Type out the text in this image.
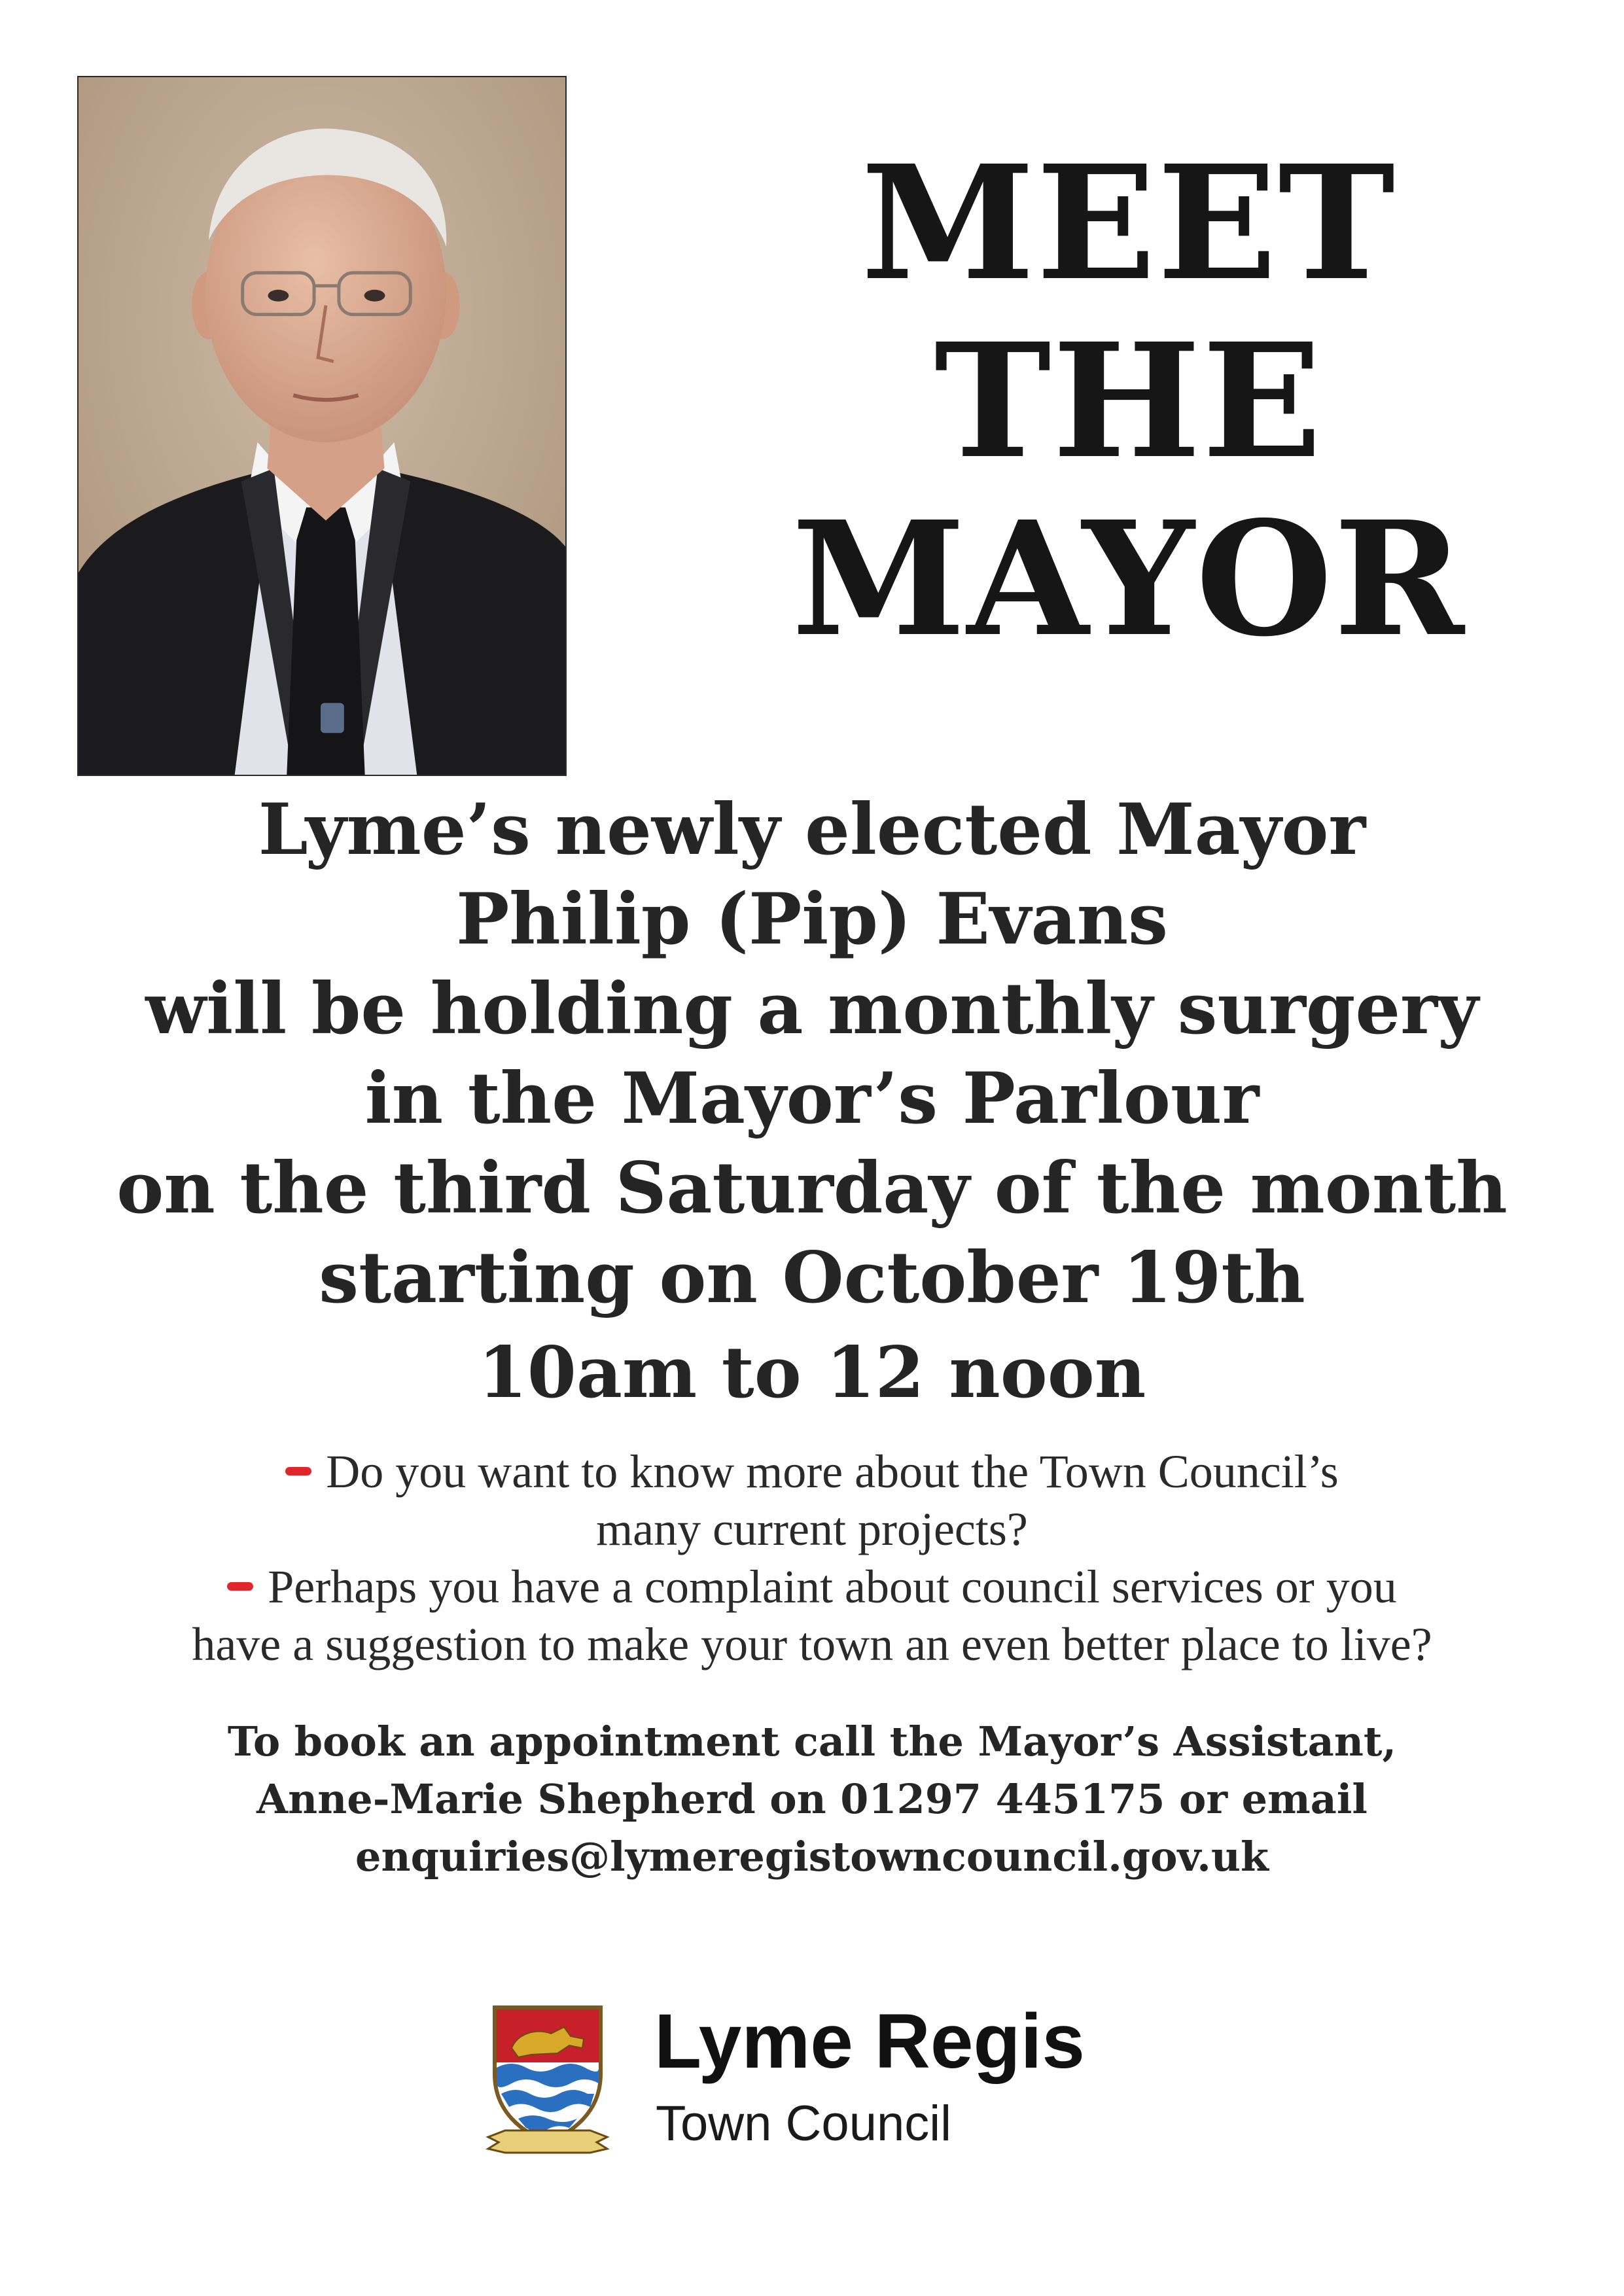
MEET
THE
MAYOR
Lyme’s newly elected Mayor
Philip (Pip) Evans
will be holding a monthly surgery
in the Mayor’s Parlour
on the third Saturday of the month
starting on October 19th
10am to 12 noon
Do you want to know more about the Town Council’s
many current projects?
Perhaps you have a complaint about council services or you
have a suggestion to make your town an even better place to live?
To book an appointment call the Mayor’s Assistant,
Anne-Marie Shepherd on 01297 445175 or email
enquiries@lymeregistowncouncil.gov.uk
Lyme Regis
Town Council
